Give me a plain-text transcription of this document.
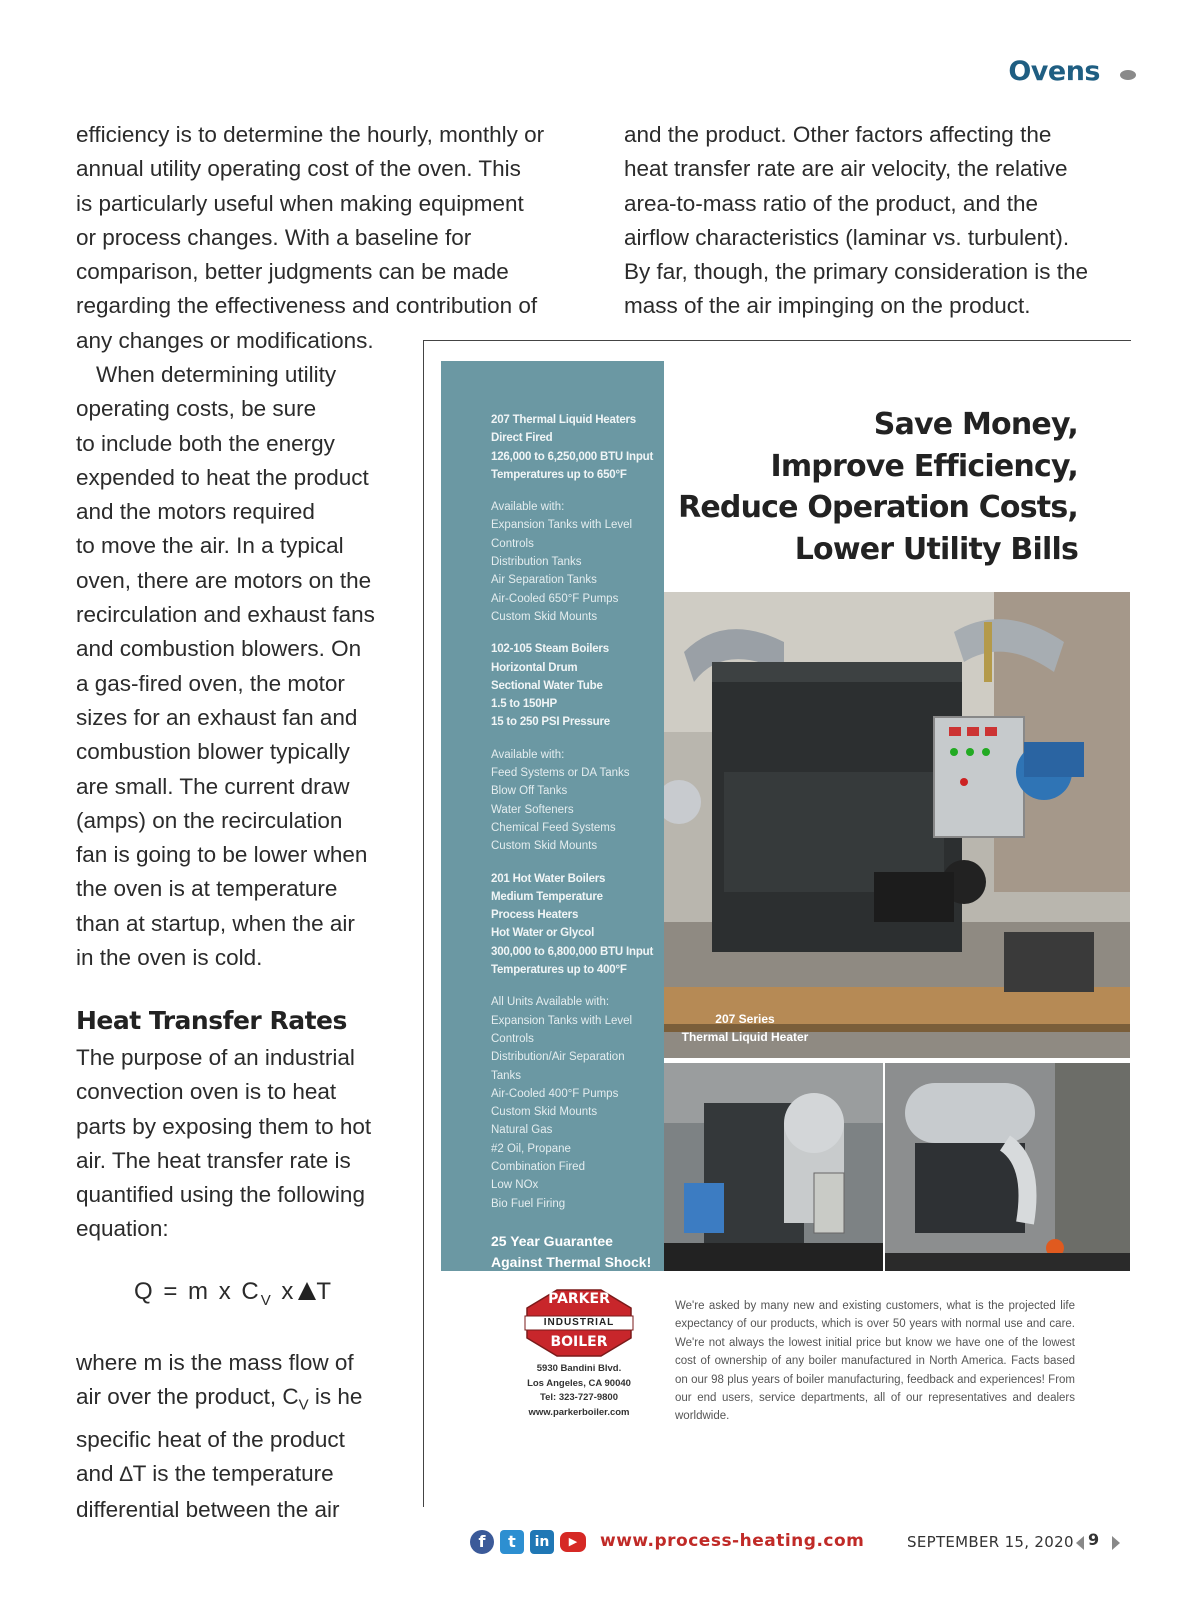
Ovens

efficiency is to determine the hourly, monthly or
annual utility operating cost of the oven. This
is particularly useful when making equipment
or process changes. With a baseline for
comparison, better judgments can be made
regarding the effectiveness and contribution of
any changes or modifications.

When determining utility
operating costs, be sure
to include both the energy
expended to heat the product
and the motors required
to move the air. In a typical
oven, there are motors on the
recirculation and exhaust fans
and combustion blowers. On
a gas-fired oven, the motor
sizes for an exhaust fan and
combustion blower typically
are small. The current draw
(amps) on the recirculation
fan is going to be lower when
the oven is at temperature
than at startup, when the air
in the oven is cold.

Heat Transfer Rates

The purpose of an industrial
convection oven is to heat
parts by exposing them to hot
air. The heat transfer rate is
quantified using the following
equation:

Q = m x $C_V$ x T

where m is the mass flow of
air over the product, $C_V$ is he
specific heat of the product
and ∆T is the temperature
differential between the air

and the product. Other factors affecting the
heat transfer rate are air velocity, the relative
area-to-mass ratio of the product, and the
airflow characteristics (laminar vs. turbulent).
By far, though, the primary consideration is the
mass of the air impinging on the product.

207 Thermal Liquid Heaters
Direct Fired
126,000 to 6,250,000 BTU Input
Temperatures up to 650°F
Available with:
Expansion Tanks with Level
Controls
Distribution Tanks
Air Separation Tanks
Air-Cooled 650°F Pumps
Custom Skid Mounts
102-105 Steam Boilers
Horizontal Drum
Sectional Water Tube
1.5 to 150HP
15 to 250 PSI Pressure
Available with:
Feed Systems or DA Tanks
Blow Off Tanks
Water Softeners
Chemical Feed Systems
Custom Skid Mounts
201 Hot Water Boilers
Medium Temperature
Process Heaters
Hot Water or Glycol
300,000 to 6,800,000 BTU Input
Temperatures up to 400°F
All Units Available with:
Expansion Tanks with Level
Controls
Distribution/Air Separation
Tanks
Air-Cooled 400°F Pumps
Custom Skid Mounts
Natural Gas
#2 Oil, Propane
Combination Fired
Low NOx
Bio Fuel Firing
25 Year Guarantee
Against Thermal Shock!
Save Money,
Improve Efficiency,
Reduce Operation Costs,
Lower Utility Bills
207 Series
Thermal Liquid Heater
PARKER
INDUSTRIAL
BOILER
5930 Bandini Blvd.
Los Angeles, CA 90040
Tel: 323-727-9800
www.parkerboiler.com
We're asked by many new and existing customers, what is the projected life expectancy of our products, which is over 50 years with normal use and care. We're not always the lowest initial price but know we have one of the lowest cost of ownership of any boiler manufactured in North America. Facts based on our 98 plus years of boiler manufacturing, feedback and experiences! From our end users, service departments, all of our representatives and dealers worldwide.
f	t	in	▶	www.process-heating.com	SEPTEMBER 15, 2020 9
